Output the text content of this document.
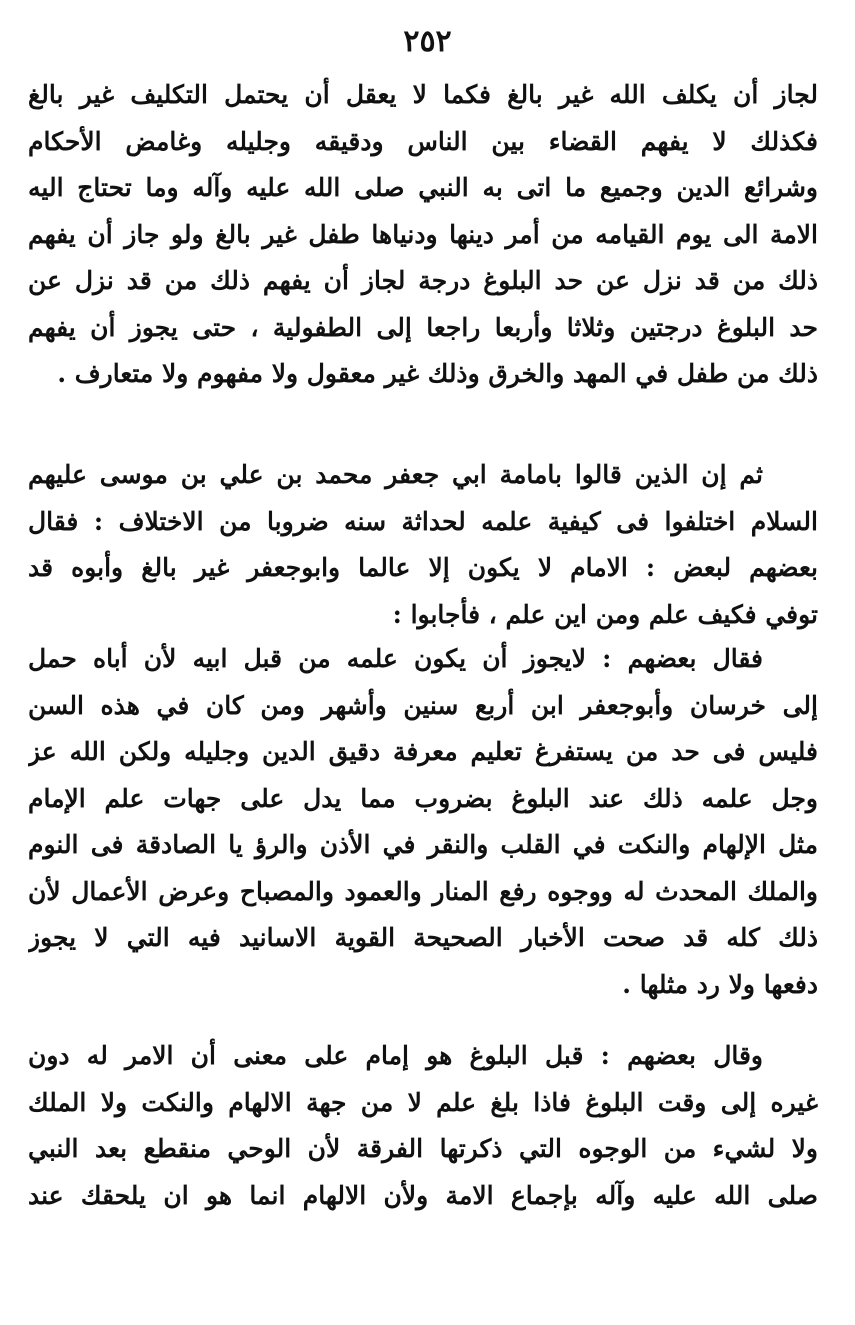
٢٥٢
لجاز أن يكلف الله غير بالغ فكما لا يعقل أن يحتمل التكليف غير بالغ
فكذلك لا يفهم القضاء بين الناس ودقيقه وجليله وغامض الأحكام
وشرائع الدين وجميع ما اتى به النبي صلى الله عليه وآله وما تحتاج اليه
الامة الى يوم القيامه من أمر دينها ودنياها طفل غير بالغ ولو جاز أن يفهم
ذلك من قد نزل عن حد البلوغ درجة لجاز أن يفهم ذلك من قد نزل عن
حد البلوغ درجتين وثلاثا وأربعا راجعا إلى الطفولية ، حتى يجوز أن يفهم
ذلك من طفل في المهد والخرق وذلك غير معقول ولا مفهوم ولا متعارف .
ثم إن الذين قالوا بامامة ابي جعفر محمد بن علي بن موسى عليهم
السلام اختلفوا فى كيفية علمه لحداثة سنه ضروبا من الاختلاف : فقال
بعضهم لبعض : الامام لا يكون إلا عالما وابوجعفر غير بالغ وأبوه قد
توفي فكيف علم ومن اين علم ، فأجابوا :
فقال بعضهم : لايجوز أن يكون علمه من قبل ابيه لأن أباه حمل
إلى خرسان وأبوجعفر ابن أربع سنين وأشهر ومن كان في هذه السن
فليس فى حد من يستفرغ تعليم معرفة دقيق الدين وجليله ولكن الله عز
وجل علمه ذلك عند البلوغ بضروب مما يدل على جهات علم الإمام
مثل الإلهام والنكت في القلب والنقر في الأذن والرؤ يا الصادقة فى النوم
والملك المحدث له ووجوه رفع المنار والعمود والمصباح وعرض الأعمال لأن
ذلك كله قد صحت الأخبار الصحيحة القوية الاسانيد فيه التي لا يجوز
دفعها ولا رد مثلها .
وقال بعضهم : قبل البلوغ هو إمام على معنى أن الامر له دون
غيره إلى وقت البلوغ فاذا بلغ علم لا من جهة الالهام والنكت ولا الملك
ولا لشيء من الوجوه التي ذكرتها الفرقة لأن الوحي منقطع بعد النبي
صلى الله عليه وآله بإجماع الامة ولأن الالهام انما هو ان يلحقك عند
